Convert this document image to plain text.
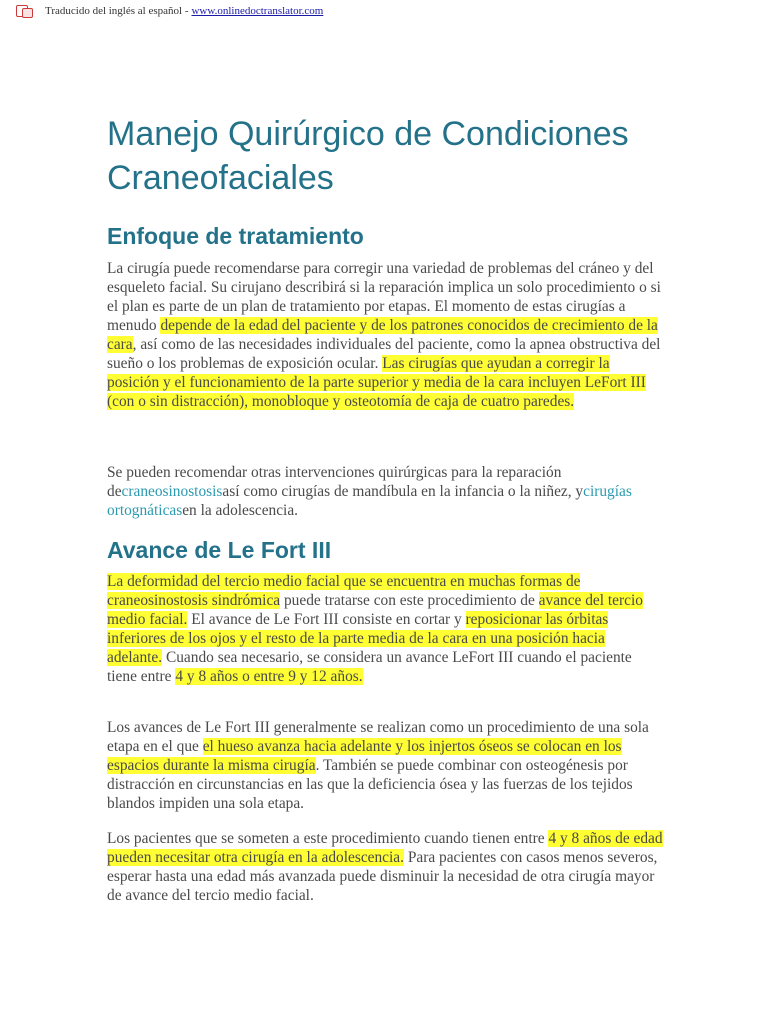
Traducido del inglés al español - www.onlinedoctranslator.com
Manejo Quirúrgico de Condiciones Craneofaciales
Enfoque de tratamiento

La cirugía puede recomendarse para corregir una variedad de problemas del cráneo y del esqueleto facial. Su cirujano describirá si la reparación implica un solo procedimiento o si el plan es parte de un plan de tratamiento por etapas. El momento de estas cirugías a menudo depende de la edad del paciente y de los patrones conocidos de crecimiento de la cara, así como de las necesidades individuales del paciente, como la apnea obstructiva del sueño o los problemas de exposición ocular. Las cirugías que ayudan a corregir la posición y el funcionamiento de la parte superior y media de la cara incluyen LeFort III (con o sin distracción), monobloque y osteotomía de caja de cuatro paredes.

Se pueden recomendar otras intervenciones quirúrgicas para la reparación decraneosinostosisasí como cirugías de mandíbula en la infancia o la niñez, ycirugías ortognáticasen la adolescencia.

Avance de Le Fort III

La deformidad del tercio medio facial que se encuentra en muchas formas de craneosinostosis sindrómica puede tratarse con este procedimiento de avance del tercio medio facial. El avance de Le Fort III consiste en cortar y reposicionar las órbitas inferiores de los ojos y el resto de la parte media de la cara en una posición hacia adelante. Cuando sea necesario, se considera un avance LeFort III cuando el paciente tiene entre 4 y 8 años o entre 9 y 12 años.

Los avances de Le Fort III generalmente se realizan como un procedimiento de una sola etapa en el que el hueso avanza hacia adelante y los injertos óseos se colocan en los espacios durante la misma cirugía. También se puede combinar con osteogénesis por distracción en circunstancias en las que la deficiencia ósea y las fuerzas de los tejidos blandos impiden una sola etapa.

Los pacientes que se someten a este procedimiento cuando tienen entre 4 y 8 años de edad pueden necesitar otra cirugía en la adolescencia. Para pacientes con casos menos severos, esperar hasta una edad más avanzada puede disminuir la necesidad de otra cirugía mayor de avance del tercio medio facial.
